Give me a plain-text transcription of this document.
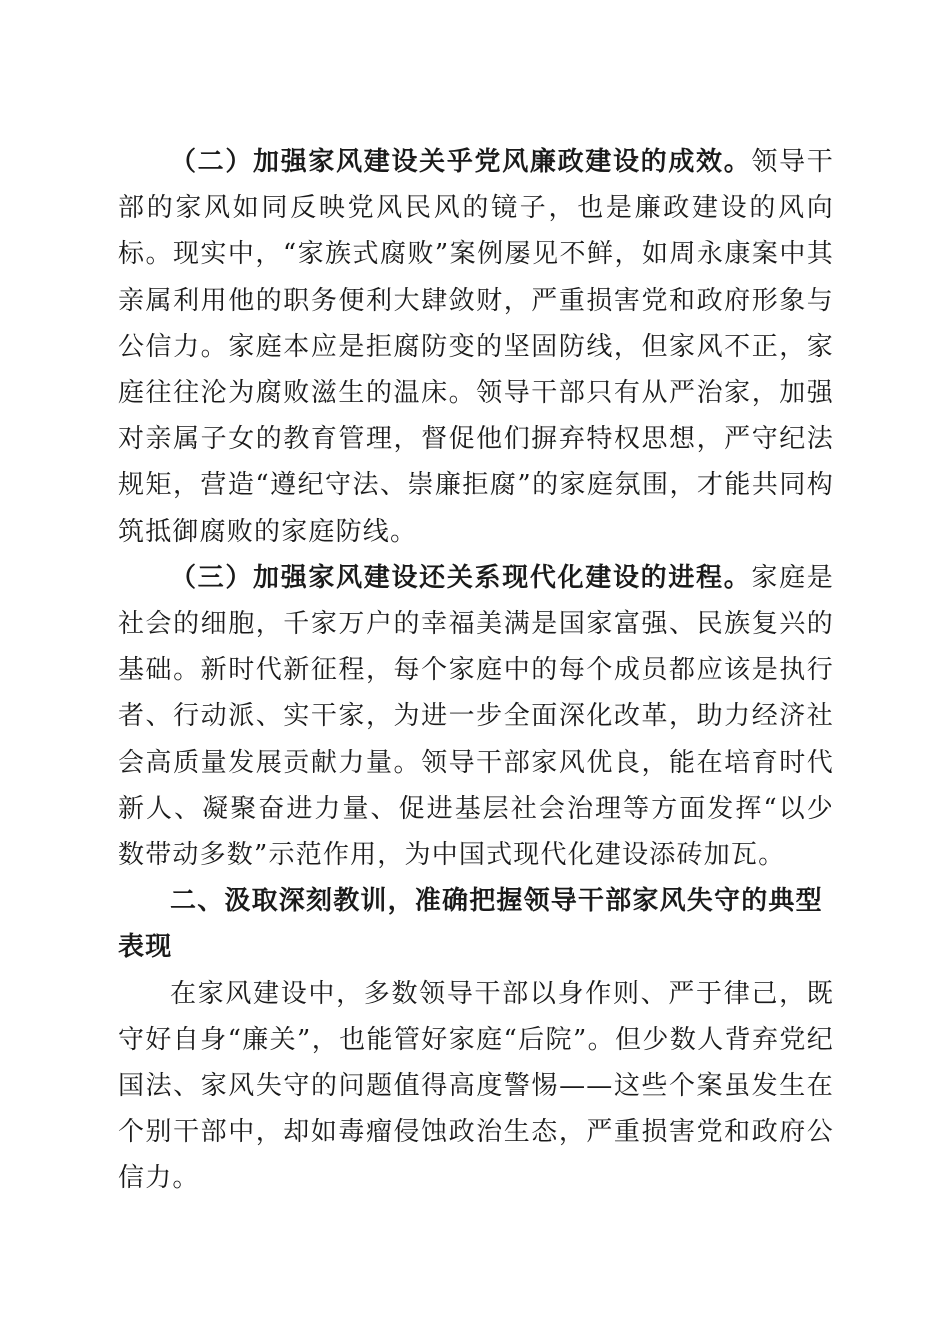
（二）加强家风建设关乎党风廉政建设的成效。领导干部的家风如同反映党风民风的镜子，也是廉政建设的风向标。现实中，“家族式腐败”案例屡见不鲜，如周永康案中其亲属利用他的职务便利大肆敛财，严重损害党和政府形象与公信力。家庭本应是拒腐防变的坚固防线，但家风不正，家庭往往沦为腐败滋生的温床。领导干部只有从严治家，加强对亲属子女的教育管理，督促他们摒弃特权思想，严守纪法规矩，营造“遵纪守法、崇廉拒腐”的家庭氛围，才能共同构筑抵御腐败的家庭防线。

（三）加强家风建设还关系现代化建设的进程。家庭是社会的细胞，千家万户的幸福美满是国家富强、民族复兴的基础。新时代新征程，每个家庭中的每个成员都应该是执行者、行动派、实干家，为进一步全面深化改革，助力经济社会高质量发展贡献力量。领导干部家风优良，能在培育时代新人、凝聚奋进力量、促进基层社会治理等方面发挥“以少数带动多数”示范作用，为中国式现代化建设添砖加瓦。

二、汲取深刻教训，准确把握领导干部家风失守的典型表现

在家风建设中，多数领导干部以身作则、严于律己，既守好自身“廉关”，也能管好家庭“后院”。但少数人背弃党纪国法、家风失守的问题值得高度警惕——这些个案虽发生在个别干部中，却如毒瘤侵蚀政治生态，严重损害党和政府公信力。
